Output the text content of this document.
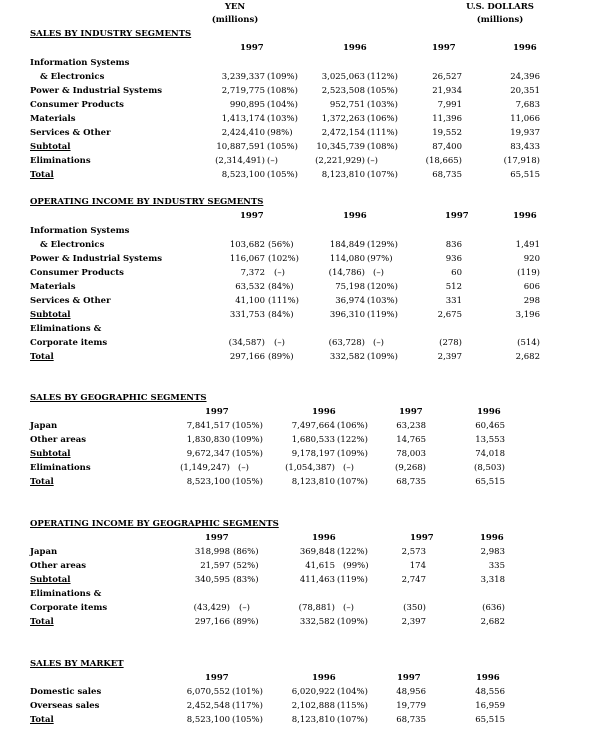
YEN
(millions)
U.S. DOLLARS
(millions)
SALES BY INDUSTRY SEGMENTS
1997	1996	1997	1996
Information Systems
& Electronics	3,239,337 (109%)	3,025,063 (112%)	26,527	24,396
Power & Industrial Systems	2,719,775 (108%)	2,523,508 (105%)	21,934	20,351
Consumer Products	990,895 (104%)	952,751 (103%)	7,991	7,683
Materials	1,413,174 (103%)	1,372,263 (106%)	11,396	11,066
Services & Other	2,424,410 (98%)	2,472,154 (111%)	19,552	19,937
Subtotal	10,887,591 (105%)	10,345,739 (108%)	87,400	83,433
Eliminations	(2,314,491) (–)	(2,221,929) (–)	(18,665)	(17,918)
Total	8,523,100 (105%)	8,123,810 (107%)	68,735	65,515
OPERATING INCOME BY INDUSTRY SEGMENTS
1997	1996	1997	1996
Information Systems
& Electronics	103,682 (56%)	184,849 (129%)	836	1,491
Power & Industrial Systems	116,067 (102%)	114,080 (97%)	936	920
Consumer Products	7,372 (–)	(14,786) (–)	60	(119)
Materials	63,532 (84%)	75,198 (120%)	512	606
Services & Other	41,100 (111%)	36,974 (103%)	331	298
Subtotal	331,753 (84%)	396,310 (119%)	2,675	3,196
Eliminations &
Corporate items	(34,587) (–)	(63,728) (–)	(278)	(514)
Total	297,166 (89%)	332,582 (109%)	2,397	2,682
SALES BY GEOGRAPHIC SEGMENTS
1997	1996	1997	1996
Japan	7,841,517 (105%)	7,497,664 (106%)	63,238	60,465
Other areas	1,830,830 (109%)	1,680,533 (122%)	14,765	13,553
Subtotal	9,672,347 (105%)	9,178,197 (109%)	78,003	74,018
Eliminations	(1,149,247) (–)	(1,054,387) (–)	(9,268)	(8,503)
Total	8,523,100 (105%)	8,123,810 (107%)	68,735	65,515
OPERATING INCOME BY GEOGRAPHIC SEGMENTS
1997	1996	1997	1996
Japan	318,998 (86%)	369,848 (122%)	2,573	2,983
Other areas	21,597 (52%)	41,615 (99%)	174	335
Subtotal	340,595 (83%)	411,463 (119%)	2,747	3,318
Eliminations &
Corporate items	(43,429) (–)	(78,881) (–)	(350)	(636)
Total	297,166 (89%)	332,582 (109%)	2,397	2,682
SALES BY MARKET
1997	1996	1997	1996
Domestic sales	6,070,552 (101%)	6,020,922 (104%)	48,956	48,556
Overseas sales	2,452,548 (117%)	2,102,888 (115%)	19,779	16,959
Total	8,523,100 (105%)	8,123,810 (107%)	68,735	65,515
